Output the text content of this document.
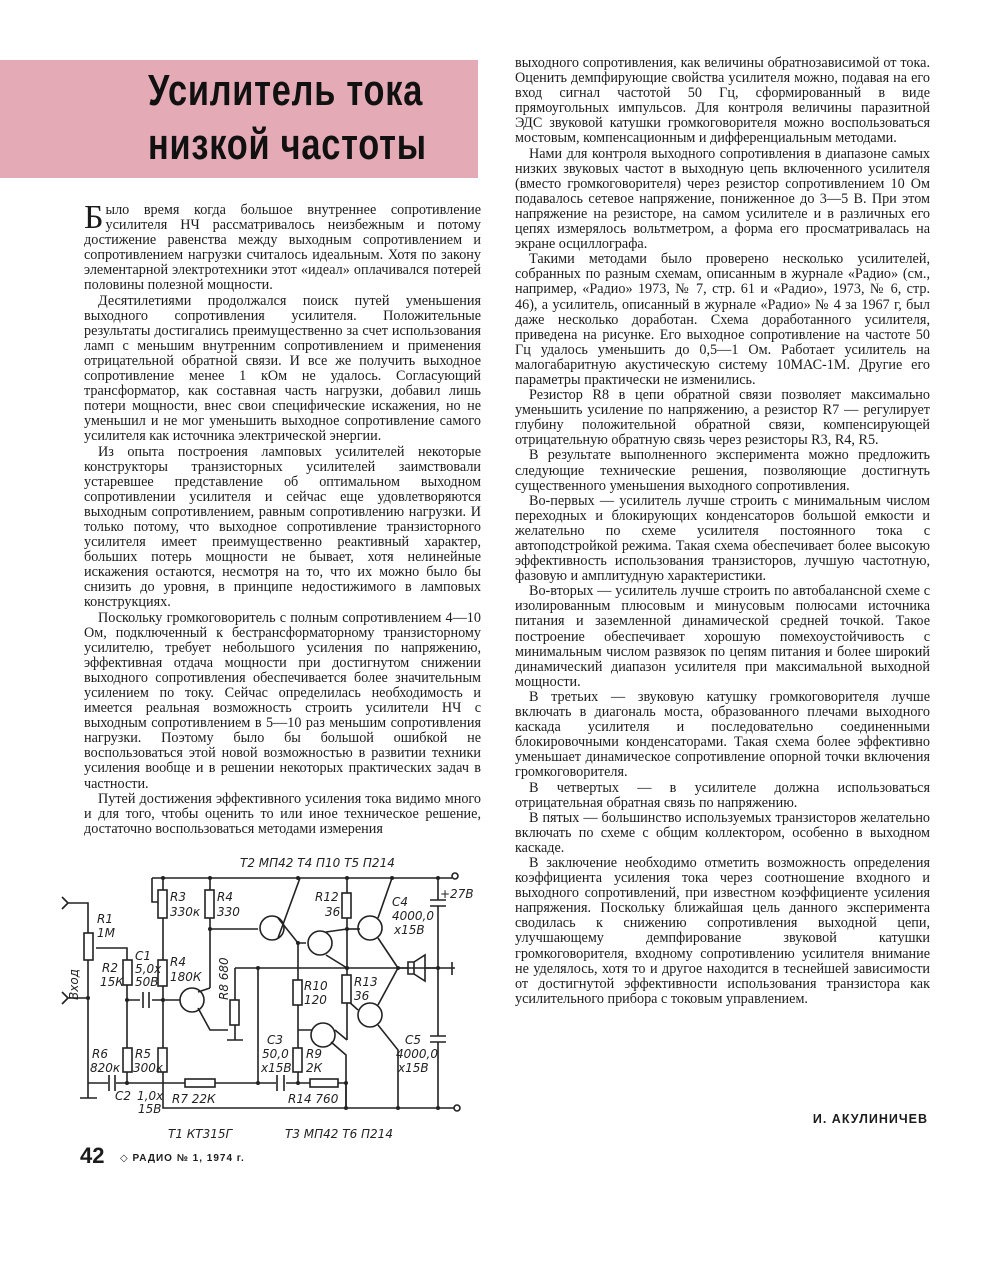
Усилитель тока
низкой частоты

Было время когда большое внутреннее сопротивление усилителя НЧ рассматривалось неизбежным и потому достижение равенства между выходным сопротивлением и сопротивлением нагрузки считалось идеальным. Хотя по закону элементарной электротехники этот «идеал» оплачивался потерей половины полезной мощности.

Десятилетиями продолжался поиск путей уменьшения выходного сопротивления усилителя. Положительные результаты достигались преимущественно за счет использования ламп с меньшим внутренним сопротивлением и применения отрицательной обратной связи. И все же получить выходное сопротивление менее 1 кОм не удалось. Согласующий трансформатор, как составная часть нагрузки, добавил лишь потери мощности, внес свои специфические искажения, но не уменьшил и не мог уменьшить выходное сопротивление самого усилителя как источника электрической энергии.

Из опыта построения ламповых усилителей некоторые конструкторы транзисторных усилителей заимствовали устаревшее представление об оптимальном выходном сопротивлении усилителя и сейчас еще удовлетворяются выходным сопротивлением, равным сопротивлению нагрузки. И только потому, что выходное сопротивление транзисторного усилителя имеет преимущественно реактивный характер, больших потерь мощности не бывает, хотя нелинейные искажения остаются, несмотря на то, что их можно было бы снизить до уровня, в принципе недостижимого в ламповых конструкциях.

Поскольку громкоговоритель с полным сопротивлением 4—10 Ом, подключенный к бестрансформаторному транзисторному усилителю, требует небольшого усиления по напряжению, эффективная отдача мощности при достигнутом снижении выходного сопротивления обеспечивается более значительным усилением по току. Сейчас определилась необходимость и имеется реальная возможность строить усилители НЧ с выходным сопротивлением в 5—10 раз меньшим сопротивления нагрузки. Поэтому было бы большой ошибкой не воспользоваться этой новой возможностью в развитии техники усиления вообще и в решении некоторых практических задач в частности.

Путей достижения эффективного усиления тока видимо много и для того, чтобы оценить то или иное техническое решение, достаточно воспользоваться методами измерения

выходного сопротивления, как величины обратнозависимой от тока. Оценить демпфирующие свойства усилителя можно, подавая на его вход сигнал частотой 50 Гц, сформированный в виде прямоугольных импульсов. Для контроля величины паразитной ЭДС звуковой катушки громкоговорителя можно воспользоваться мостовым, компенсационным и дифференциальным методами.

Нами для контроля выходного сопротивления в диапазоне самых низких звуковых частот в выходную цепь включенного усилителя (вместо громкоговорителя) через резистор сопротивлением 10 Ом подавалось сетевое напряжение, пониженное до 3—5 В. При этом напряжение на резисторе, на самом усилителе и в различных его цепях измерялось вольтметром, а форма его просматривалась на экране осциллографа.

Такими методами было проверено несколько усилителей, собранных по разным схемам, описанным в журнале «Радио» (см., например, «Радио» 1973, № 7, стр. 61 и «Радио», 1973, № 6, стр. 46), а усилитель, описанный в журнале «Радио» № 4 за 1967 г, был даже несколько доработан. Схема доработанного усилителя, приведена на рисунке. Его выходное сопротивление на частоте 50 Гц удалось уменьшить до 0,5—1 Ом. Работает усилитель на малогабаритную акустическую систему 10МАС-1М. Другие его параметры практически не изменились.

Резистор R8 в цепи обратной связи позволяет максимально уменьшить усиление по напряжению, а резистор R7 — регулирует глубину положительной обратной связи, компенсирующей отрицательную обратную связь через резисторы R3, R4, R5.

В результате выполненного эксперимента можно предложить следующие технические решения, позволяющие достигнуть существенного уменьшения выходного сопротивления.

Во-первых — усилитель лучше строить с минимальным числом переходных и блокирующих конденсаторов большой емкости и желательно по схеме усилителя постоянного тока с автоподстройкой режима. Такая схема обеспечивает более высокую эффективность использования транзисторов, лучшую частотную, фазовую и амплитудную характеристики.

Во-вторых — усилитель лучше строить по автобалансной схеме с изолированным плюсовым и минусовым полюсами источника питания и заземленной динамической средней точкой. Такое построение обеспечивает хорошую помехоустойчивость с минимальным числом развязок по цепям питания и более широкий динамический диапазон усилителя при максимальной выходной мощности.

В третьих — звуковую катушку громкоговорителя лучше включать в диагональ моста, образованного плечами выходного каскада усилителя и последовательно соединенными блокировочными конденсаторами. Такая схема более эффективно уменьшает динамическое сопротивление опорной точки включения громкоговорителя.

В четвертых — в усилителе должна использоваться отрицательная обратная связь по напряжению.

В пятых — большинство используемых транзисторов желательно включать по схеме с общим коллектором, особенно в выходном каскаде.

В заключение необходимо отметить возможность определения коэффициента усиления тока через соотношение входного и выходного сопротивлений, при известном коэффициенте усиления напряжения. Поскольку ближайшая цель данного эксперимента сводилась к снижению сопротивления выходной цепи, улучшающему демпфирование звуковой катушки громкоговорителя, входному сопротивлению усилителя внимание не уделялось, хотя то и другое находится в теснейшей зависимости от достигнутой эффективности использования транзистора как усилительного прибора с токовым управлением.

И. АКУЛИНИЧЕВ
T2 МП42 T4 П10 T5 П214
+27В
Вход
R1
1М
R2
15К
C1
5,0x
50В
R3
330к
R4
330
R4
180К R8 680
R12
36
C4
4000,0
x15В
R10
120
R13
36
R6
820к
R5
300к
C2 1,0x
15В
R7 22К
C3
50,0
x15В
R9
2К
R14 760
C5
4000,0
x15В
T1 КТ315Г	T3 МП42 T6 П214
42 ◇ РАДИО № 1, 1974 г.
